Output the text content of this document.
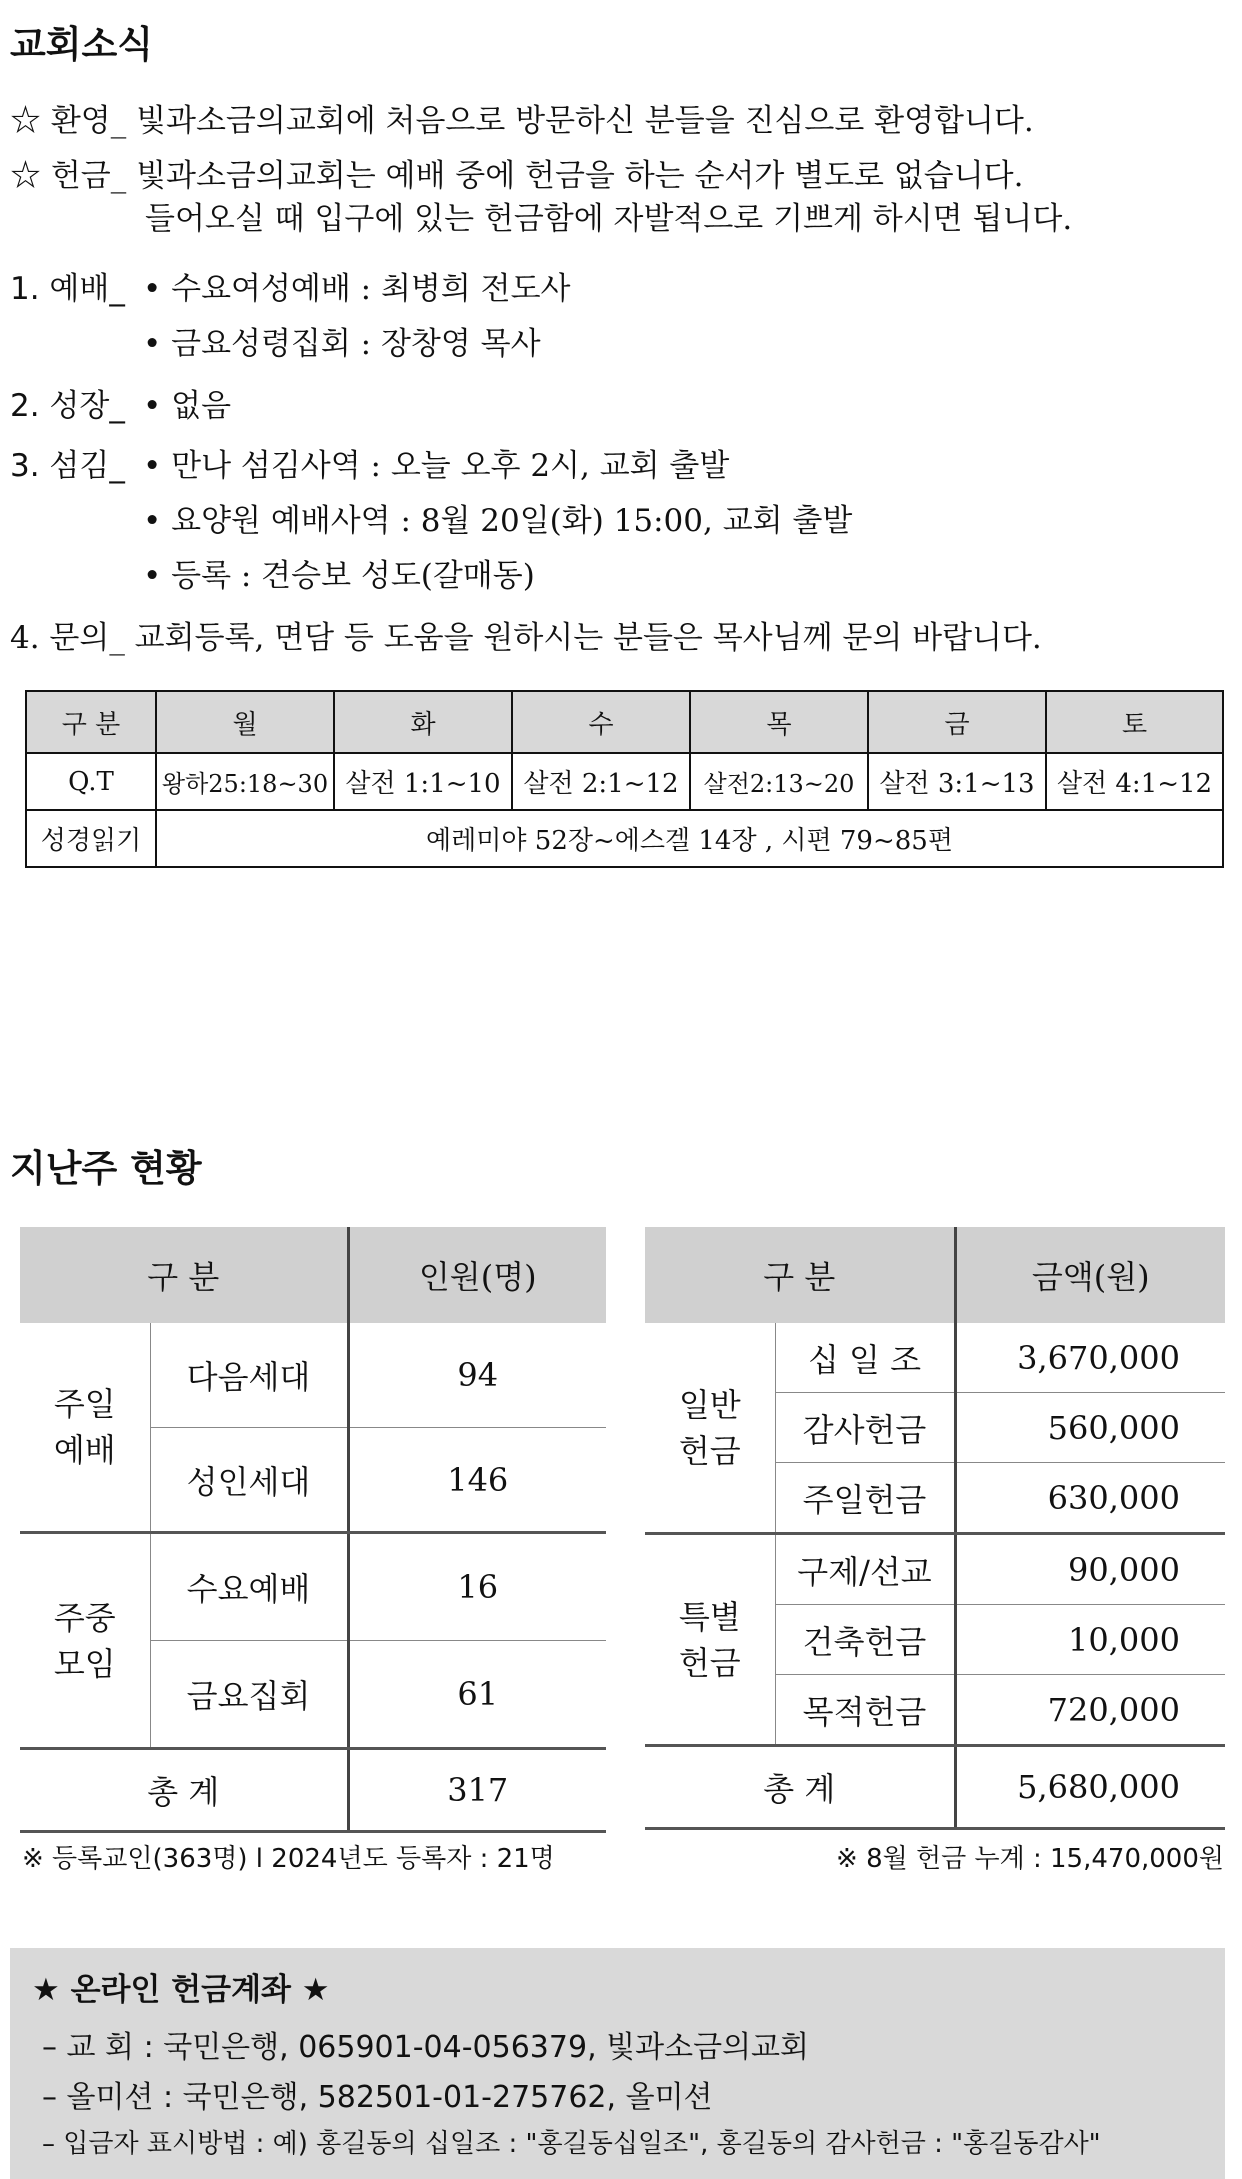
교회소식
☆ 환영_ 빛과소금의교회에 처음으로 방문하신 분들을 진심으로 환영합니다.
☆ 헌금_ 빛과소금의교회는 예배 중에 헌금을 하는 순서가 별도로 없습니다.
들어오실 때 입구에 있는 헌금함에 자발적으로 기쁘게 하시면 됩니다.
1. 예배_ • 수요여성예배 : 최병희 전도사
• 금요성령집회 : 장창영 목사
2. 성장_ • 없음
3. 섬김_ • 만나 섬김사역 : 오늘 오후 2시, 교회 출발
• 요양원 예배사역 : 8월 20일(화) 15:00, 교회 출발
• 등록 : 견승보 성도(갈매동)
4. 문의_ 교회등록, 면담 등 도움을 원하시는 분들은 목사님께 문의 바랍니다.
구 분	월	화	수	목	금	토
Q.T	왕하25:18~30	살전 1:1~10	살전 2:1~12	살전2:13~20	살전 3:1~13	살전 4:1~12
성경읽기	예레미야 52장~에스겔 14장 , 시편 79~85편					
지난주 현황
구 분		인원(명)

주일
예배	다음세대	94
	성인세대	146

주중
모임	수요예배	16
	금요집회	61
총 계		317
※ 등록교인(363명) l 2024년도 등록자 : 21명
구 분		금액(원)

일반
헌금	십 일 조	3,670,000
	감사헌금	560,000
	주일헌금	630,000

특별
헌금	구제/선교	90,000
	건축헌금	10,000
	목적헌금	720,000
총 계		5,680,000
※ 8월 헌금 누계 : 15,470,000원
★ 온라인 헌금계좌 ★
– 교 회 : 국민은행, 065901-04-056379, 빛과소금의교회
– 올미션 : 국민은행, 582501-01-275762, 올미션
– 입금자 표시방법 : 예) 홍길동의 십일조 : "홍길동십일조", 홍길동의 감사헌금 : "홍길동감사"
